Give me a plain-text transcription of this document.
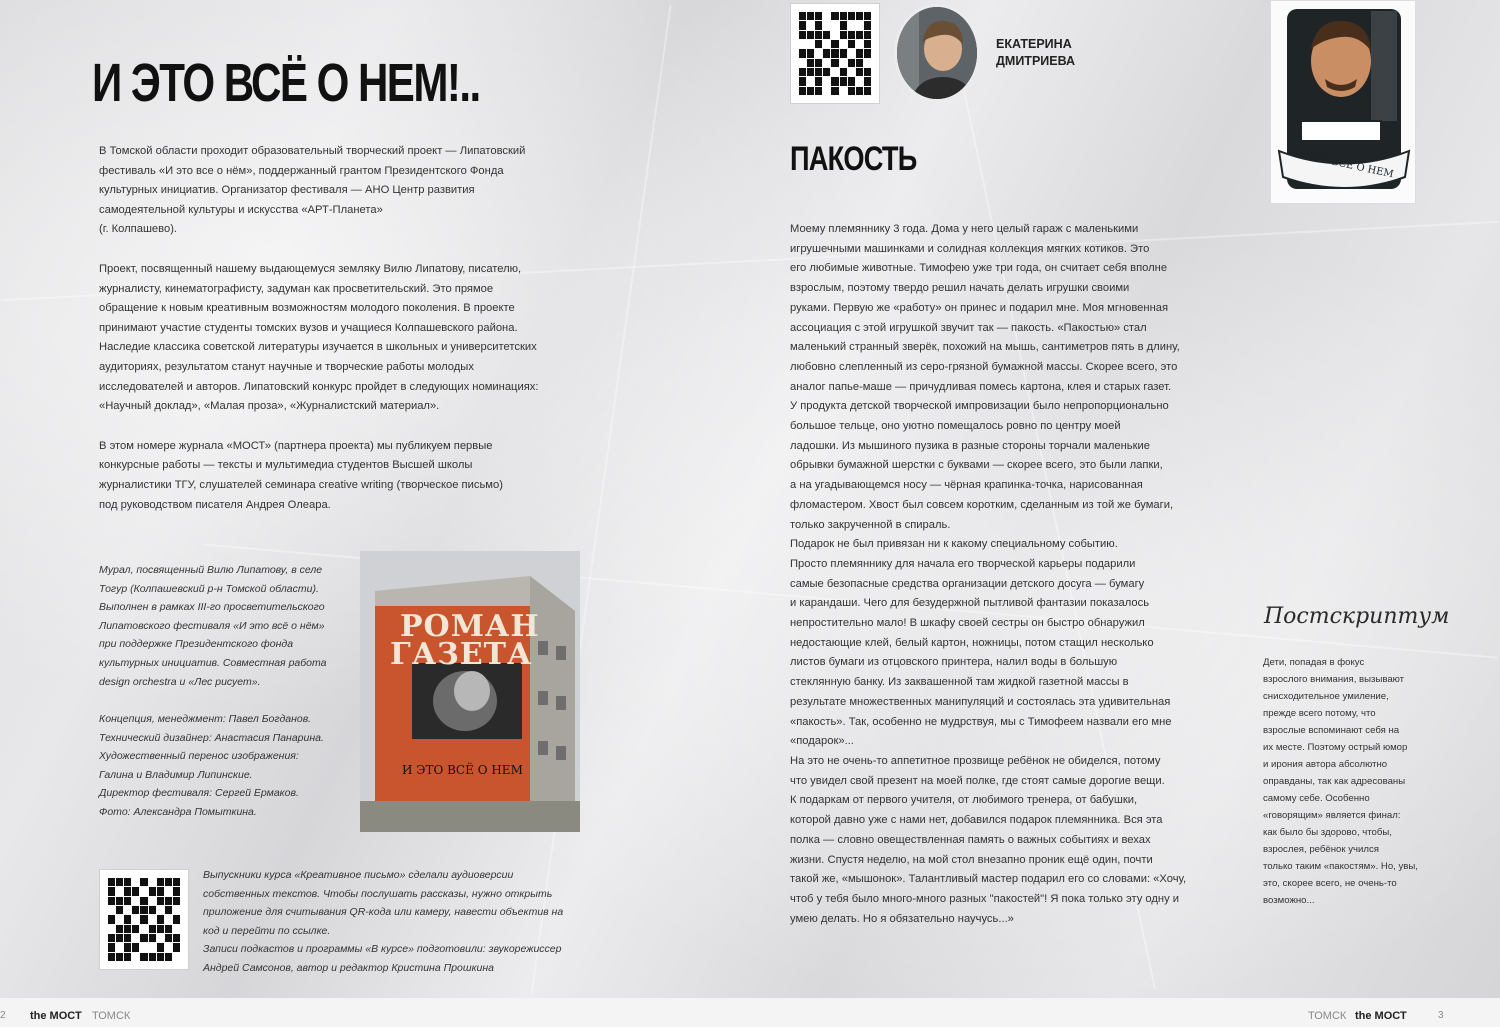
И ЭТО ВСЁ О НЕМ!..

В Томской области проходит образовательный творческий проект — Липатовский
фестиваль «И это все о нём», поддержанный грантом Президентского Фонда
культурных инициатив. Организатор фестиваля — АНО Центр развития
самодеятельной культуры и искусства «АРТ-Планета»
(г. Колпашево).

Проект, посвященный нашему выдающемуся земляку Вилю Липатову, писателю,
журналисту, кинематографисту, задуман как просветительский. Это прямое
обращение к новым креативным возможностям молодого поколения. В проекте
принимают участие студенты томских вузов и учащиеся Колпашевского района.
Наследие классика советской литературы изучается в школьных и университетских
аудиториях, результатом станут научные и творческие работы молодых
исследователей и авторов. Липатовский конкурс пройдет в следующих номинациях:
«Научный доклад», «Малая проза», «Журналистский материал».

В этом номере журнала «МОСТ» (партнера проекта) мы публикуем первые
конкурсные работы — тексты и мультимедиа студентов Высшей школы
журналистики ТГУ, слушателей семинара creative writing (творческое письмо)
под руководством писателя Андрея Олеара.

Мурал, посвященный Вилю Липатову, в селе
Тогур (Колпашевский р-н Томской области).
Выполнен в рамках III-го просветительского
Липатовского фестиваля «И это всё о нём»
при поддержке Президентского фонда
культурных инициатив. Совместная работа
design orchestra и «Лес рисует».
Концепция, менеджмент: Павел Богданов.
Технический дизайнер: Анастасия Панарина.
Художественный перенос изображения:
Галина и Владимир Липинские.
Директор фестиваля: Сергей Ермаков.
Фото: Александра Помыткина.
РОМАН
ГАЗЕТА
И ЭТО ВСЁ О НЕМ
Выпускники курса «Креативное письмо» сделали аудиоверсии
собственных текстов. Чтобы послушать рассказы, нужно открыть
приложение для считывания QR-кода или камеру, навести объектив на
код и перейти по ссылке.
Записи подкастов и программы «В курсе» подготовили: звукорежиссер
Андрей Самсонов, автор и редактор Кристина Прошкина
ЕКАТЕРИНА
ДМИТРИЕВА
И ЭТО ВСЁ О НЕМ
ПАКОСТЬ
Моему племяннику 3 года. Дома у него целый гараж с маленькими
игрушечными машинками и солидная коллекция мягких котиков. Это
его любимые животные. Тимофею уже три года, он считает себя вполне
взрослым, поэтому твердо решил начать делать игрушки своими
руками. Первую же «работу» он принес и подарил мне. Моя мгновенная
ассоциация с этой игрушкой звучит так — пакость. «Пакостью» стал
маленький странный зверёк, похожий на мышь, сантиметров пять в длину,
любовно слепленный из серо-грязной бумажной массы. Скорее всего, это
аналог папье-маше — причудливая помесь картона, клея и старых газет.
У продукта детской творческой импровизации было непропорционально
большое тельце, оно уютно помещалось ровно по центру моей
ладошки. Из мышиного пузика в разные стороны торчали маленькие
обрывки бумажной шерстки с буквами — скорее всего, это были лапки,
а на угадывающемся носу — чёрная крапинка-точка, нарисованная
фломастером. Хвост был совсем коротким, сделанным из той же бумаги,
только закрученной в спираль.
Подарок не был привязан ни к какому специальному событию.
Просто племяннику для начала его творческой карьеры подарили
самые безопасные средства организации детского досуга — бумагу
и карандаши. Чего для безудержной пытливой фантазии показалось
непростительно мало! В шкафу своей сестры он быстро обнаружил
недостающие клей, белый картон, ножницы, потом стащил несколько
листов бумаги из отцовского принтера, налил воды в большую
стеклянную банку. Из заквашенной там жидкой газетной массы в
результате множественных манипуляций и состоялась эта удивительная
«пакость». Так, особенно не мудрствуя, мы с Тимофеем назвали его мне
«подарок»...
На это не очень-то аппетитное прозвище ребёнок не обиделся, потому
что увидел свой презент на моей полке, где стоят самые дорогие вещи.
К подаркам от первого учителя, от любимого тренера, от бабушки,
которой давно уже с нами нет, добавился подарок племянника. Вся эта
полка — словно овеществленная память о важных событиях и вехах
жизни. Спустя неделю, на мой стол внезапно проник ещё один, почти
такой же, «мышонок». Талантливый мастер подарил его со словами: «Хочу,
чтоб у тебя было много-много разных "пакостей"! Я пока только эту одну и
умею делать. Но я обязательно научусь...»
Постскриптум
Дети, попадая в фокус
взрослого внимания, вызывают
снисходительное умиление,
прежде всего потому, что
взрослые вспоминают себя на
их месте. Поэтому острый юмор
и ирония автора абсолютно
оправданы, так как адресованы
самому себе. Особенно
«говорящим» является финал:
как было бы здорово, чтобы,
взрослея, ребёнок учился
только таким «пакостям». Но, увы,
это, скорее всего, не очень-то
возможно...
2 the МОСТ ТОМСК	ТОМСК the МОСТ	3
